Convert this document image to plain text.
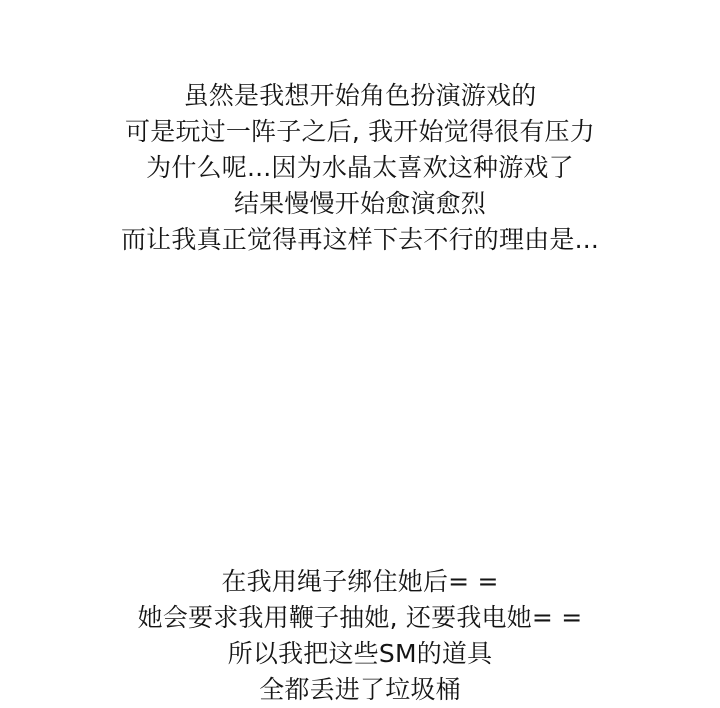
虽然是我想开始角色扮演游戏的
可是玩过一阵子之后, 我开始觉得很有压力
为什么呢...因为水晶太喜欢这种游戏了
结果慢慢开始愈演愈烈
而让我真正觉得再这样下去不行的理由是...
在我用绳子绑住她后= =
她会要求我用鞭子抽她, 还要我电她= =
所以我把这些SM的道具
全都丢进了垃圾桶
